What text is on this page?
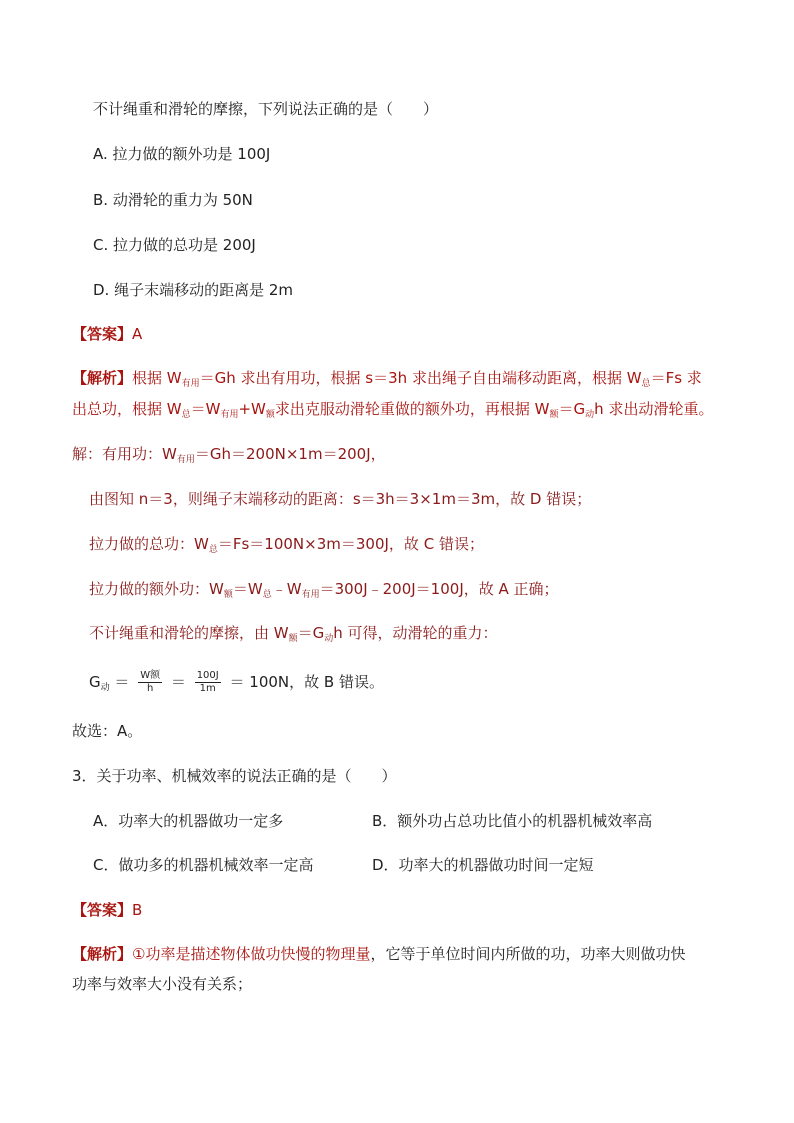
不计绳重和滑轮的摩擦，下列说法正确的是（　　）
A. 拉力做的额外功是 100J
B. 动滑轮的重力为 50N
C. 拉力做的总功是 200J
D. 绳子末端移动的距离是 2m
【答案】A
【解析】根据 $W_{有用}=Gh$ 求出有用功，根据 s＝3h 求出绳子自由端移动距离，根据 $W_总=Fs$ 求
出总功，根据 $W_总=W_{有用}+W_额$求出克服动滑轮重做的额外功，再根据 $W_额=G_动h$ 求出动滑轮重。
解：有用功：$W_{有用}=Gh=200N\times 1m=200J$，
由图知 n＝3，则绳子末端移动的距离：s＝3h＝3×1m＝3m，故 D 错误；
拉力做的总功：$W_总=Fs=100N\times 3m=300J$，故 C 错误；
拉力做的额外功：$W_额=W_总﹣W_{有用}=300J﹣200J=100J$，故 A 正确；
不计绳重和滑轮的摩擦，由 $W_额=G_动h$ 可得，动滑轮的重力：
$G_动 = \frac{\text{W额}}{h} = \frac{100J}{1m} = 100N$，故 B 错误。
故选：A。
3．关于功率、机械效率的说法正确的是（　　）
A．功率大的机器做功一定多	B．额外功占总功比值小的机器机械效率高
C．做功多的机器机械效率一定高	D．功率大的机器做功时间一定短
【答案】B
【解析】①功率是描述物体做功快慢的物理量，它等于单位时间内所做的功，功率大则做功快
功率与效率大小没有关系；
